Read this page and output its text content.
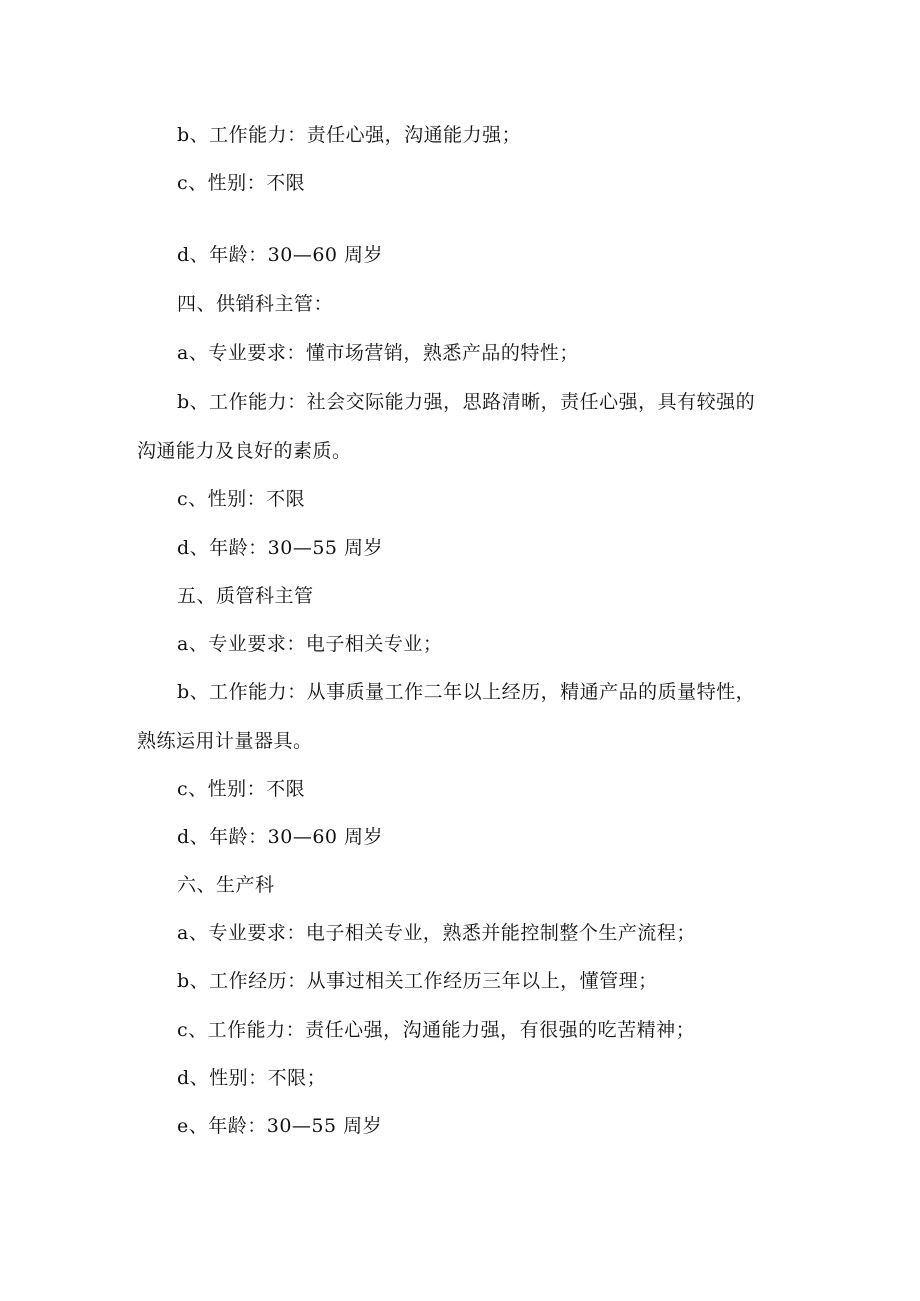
b、工作能力：责任心强，沟通能力强；
c、性别：不限
d、年龄：30—60 周岁
四、供销科主管：
a、专业要求：懂市场营销，熟悉产品的特性；
b、工作能力：社会交际能力强，思路清晰，责任心强，具有较强的
沟通能力及良好的素质。
c、性别：不限
d、年龄：30—55 周岁
五、质管科主管
a、专业要求：电子相关专业；
b、工作能力：从事质量工作二年以上经历，精通产品的质量特性，
熟练运用计量器具。
c、性别：不限
d、年龄：30—60 周岁
六、生产科
a、专业要求：电子相关专业，熟悉并能控制整个生产流程；
b、工作经历：从事过相关工作经历三年以上，懂管理；
c、工作能力：责任心强，沟通能力强，有很强的吃苦精神；
d、性别：不限；
e、年龄：30—55 周岁
